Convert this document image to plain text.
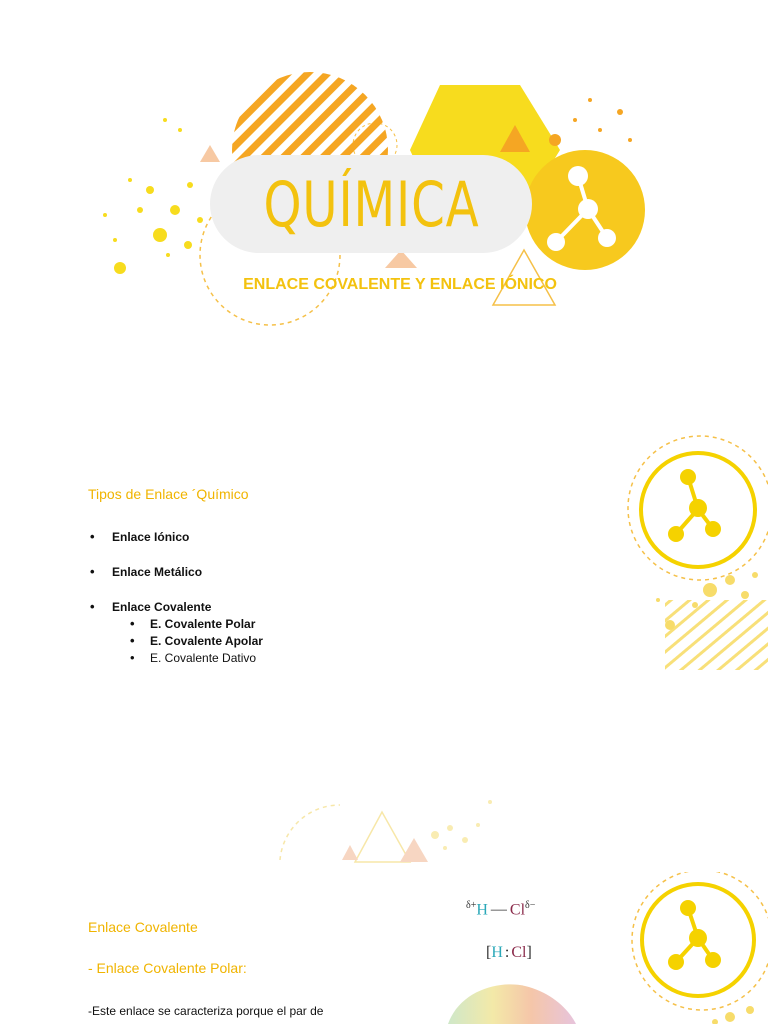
QUÍMICA
ENLACE COVALENTE Y ENLACE IÓNICO
Tipos de Enlace ´Químico
• Enlace Iónico
• Enlace Metálico
• Enlace Covalente
• E. Covalente Polar
• E. Covalente Apolar
• E. Covalente Dativo
Enlace Covalente
- Enlace Covalente Polar:
-Este enlace se caracteriza porque el par de
$^{\delta+}$H — $Cl^{\delta-}$
[H : Cl]
